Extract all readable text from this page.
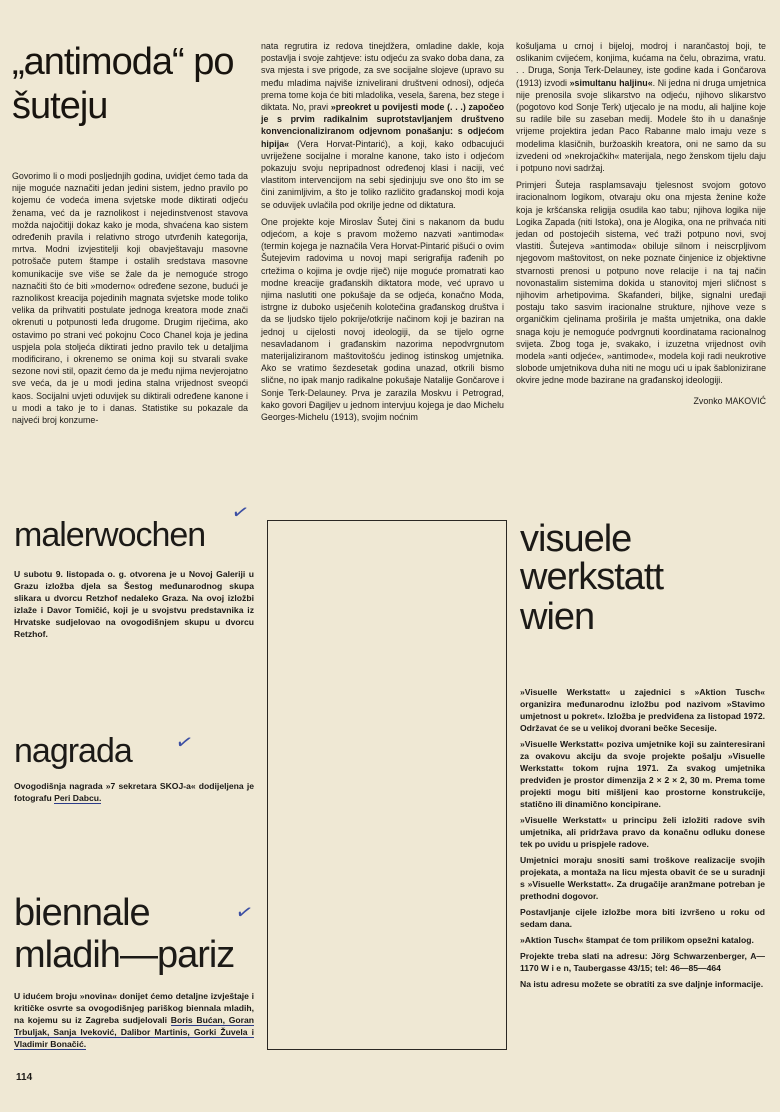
„antimoda“ po šuteju

Govorimo li o modi posljednjih godina, uvidjet ćemo tada da nije moguće naznačiti jedan jedini sistem, jedno pravilo po kojemu će vodeća imena svjetske mode diktirati odjeću ženama, već da je raznolikost i nejedinstvenost stavova možda najočitiji dokaz kako je moda, shvaćena kao sistem određenih pravila i relativno strogo utvrđenih kategorija, mrtva. Modni izvjestitelji koji obavještavaju masovne potrošače putem štampe i ostalih sredstava masovne komunikacije sve više se žale da je nemoguće strogo naznačiti što će biti »moderno« određene sezone, budući je raznolikost kreacija pojedinih magnata svjetske mode toliko velika da prihvatiti postulate jednoga kreatora mode znači okrenuti u potpunosti leđa drugome. Drugim riječima, ako ostavimo po strani već pokojnu Coco Chanel koja je jedina uspjela pola stoljeća diktirati jedno pravilo tek u detaljima modificirano, i okrenemo se onima koji su stvarali svake sezone novi stil, opazit ćemo da je među njima nevjerojatno sve veća, da je u modi jedina stalna vrijednost sveopći kaos. Socijalni uvjeti oduvijek su diktirali određene kanone i u modi a tako je to i danas. Statistike su pokazale da najveći broj konzume-

nata regrutira iz redova tinejdžera, omladine dakle, koja postavlja i svoje zahtjeve: istu odjeću za svako doba dana, za sva mjesta i sve prigode, za sve socijalne slojeve (upravo su među mladima najviše iznivelirani društveni odnosi), odjeća prema tome koja će biti mladolika, vesela, šarena, bez stege i diktata. No, pravi »preokret u povijesti mode (. . .) započeo je s prvim radikalnim suprotstavljanjem društveno konvencionaliziranom odjevnom ponašanju: s odjećom hipija« (Vera Horvat-Pintarić), a koji, kako odbacujući uvriježene socijalne i moralne kanone, tako isto i odjećom pokazuju svoju nepripadnost određenoj klasi i naciji, već vlastitom intervencijom na sebi sjedinjuju sve ono što im se čini zanimljivim, a što je toliko različito građanskoj modi koja se oduvijek uvlačila pod okrilje jedne od diktatura.

One projekte koje Miroslav Šutej čini s nakanom da budu odjećom, a koje s pravom možemo nazvati »antimoda« (termin kojega je naznačila Vera Horvat-Pintarić pišući o ovim Šutejevim radovima u novoj mapi serigrafija rađenih po crtežima o kojima je ovdje riječ) nije moguće promatrati kao modne kreacije građanskih diktatora mode, već upravo u njima naslutiti one pokušaje da se odjeća, konačno Moda, istrgne iz duboko usječenih kolotečina građanskog društva i da se ljudsko tijelo pokrije/otkrije načinom koji je baziran na jednoj u cijelosti novoj ideologiji, da se tijelo ogrne nesavladanom i građanskim nazorima nepodvrgnutom materijaliziranom maštovitošću jedinog istinskog umjetnika. Ako se vratimo šezdesetak godina unazad, otkrili bismo slične, no ipak manjo radikalne pokušaje Natalije Gončarove i Sonje Terk-Delauney. Prva je zarazila Moskvu i Petrograd, kako govori Đagiljev u jednom intervjuu kojega je dao Michelu Georges-Michelu (1913), svojim noćnim

košuljama u crnoj i bijeloj, modroj i narančastoj boji, te oslikanim cvijećem, konjima, kućama na čelu, obrazima, vratu. . . Druga, Sonja Terk-Delauney, iste godine kada i Gončarova (1913) izvodi »simultanu haljinu«. Ni jedna ni druga umjetnica nije prenosila svoje slikarstvo na odjeću, njihovo slikarstvo (pogotovo kod Sonje Terk) utjecalo je na modu, ali haljine koje su radile bile su zaseban medij. Modele što ih u današnje vrijeme projektira jedan Paco Rabanne malo imaju veze s modelima klasičnih, buržoaskih kreatora, oni ne samo da su izvedeni od »nekrojačkih« materijala, nego ženskom tijelu daju i potpuno novi sadržaj.

Primjeri Šuteja rasplamsavaju tjelesnost svojom gotovo iracionalnom logikom, otvaraju oku ona mjesta ženine kože koja je kršćanska religija osudila kao tabu; njihova logika nije Logika Zapada (niti Istoka), ona je Alogika, ona ne prihvaća niti jedan od postojećih sistema, već traži potpuno novi, svoj vlastiti. Šutejeva »antimoda« obiluje silnom i neiscrpljivom njegovom maštovitost, on neke poznate činjenice iz objektivne stvarnosti prenosi u potpuno nove relacije i na taj način novonastalim sistemima dokida u stanovitoj mjeri sličnost s njihovim arhetipovima. Skafanderi, biljke, signalni uređaji postaju tako sasvim iracionalne strukture, njihove veze s organičkim cjelinama proširila je mašta umjetnika, ona dakle snaga koju je nemoguće podvrgnuti koordinatama racionalnog svijeta. Zbog toga je, svakako, i izuzetna vrijednost ovih modela »anti odjeće«, »antimode«, modela koji radi neukrotive slobode umjetnikova duha niti ne mogu ući u ipak šablonizirane okvire jedne mode bazirane na građanskoj ideologiji.

Zvonko MAKOVIĆ

malerwochen
✓
U subotu 9. listopada o. g. otvorena je u Novoj Galeriji u Grazu izložba djela sa Šestog međunarodnog skupa slikara u dvorcu Retzhof nedaleko Graza. Na ovoj izložbi izlaže i Davor Tomičić, koji je u svojstvu predstavnika iz Hrvatske sudjelovao na ovogodišnjem skupu u dvorcu Retzhof.
nagrada ✓
Ovogodišnja nagrada »7 sekretara SKOJ-a« dodijeljena je fotografu Peri Dabcu.
biennale
mladih—pariz
✓
U idućem broju »novina« donijet ćemo detaljne izvještaje i kritičke osvrte sa ovogodišnjeg pariškog biennala mladih, na kojemu su iz Zagreba sudjelovali Boris Bućan, Goran Trbuljak, Sanja Iveković, Dalibor Martinis, Gorki Žuvela i Vladimir Bonačić.
visuele
werkstatt
wien

»Visuelle Werkstatt« u zajednici s »Aktion Tusch« organizira međunarodnu izložbu pod nazivom »Stavimo umjetnost u pokret«. Izložba je predviđena za listopad 1972. Održavat će se u velikoj dvorani bečke Secesije.

»Visuelle Werkstatt« poziva umjetnike koji su zainteresirani za ovakovu akciju da svoje projekte pošalju »Visuelle Werkstatt« tokom rujna 1971. Za svakog umjetnika predviđen je prostor dimenzija 2 × 2 × 2, 30 m. Prema tome projekti mogu biti mišljeni kao prostorne konstrukcije, statično ili dinamično koncipirane.

»Visuelle Werkstatt« u principu želi izložiti radove svih umjetnika, ali pridržava pravo da konačnu odluku donese tek po uvidu u prispjele radove.

Umjetnici moraju snositi sami troškove realizacije svojih projekata, a montaža na licu mjesta obavit će se u suradnji s »Visuelle Werkstatt«. Za drugačije aranžmane potreban je prethodni dogovor.

Postavljanje cijele izložbe mora biti izvršeno u roku od sedam dana.

»Aktion Tusch« štampat će tom prilikom opsežni katalog.

Projekte treba slati na adresu: Jörg Schwarzenberger, A—1170 W i e n, Taubergasse 43/15; tel: 46—85—464

Na istu adresu možete se obratiti za sve daljnje informacije.

114
